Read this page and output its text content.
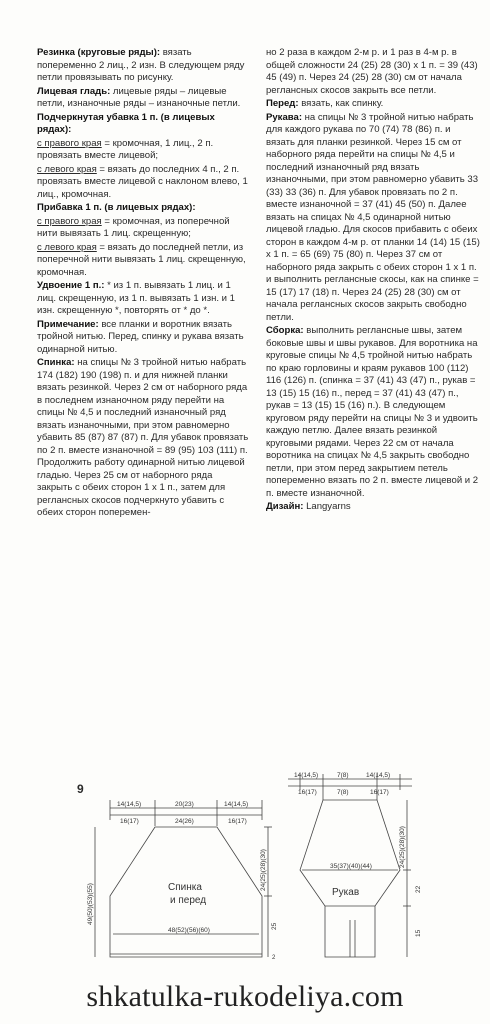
Резинка (круговые ряды): вязать попеременно 2 лиц., 2 изн. В следующем ряду петли провязывать по рисунку.

Лицевая гладь: лицевые ряды – лицевые петли, изнаночные ряды – изнаночные петли.

Подчеркнутая убавка 1 п. (в лицевых рядах):

с правого края = кромочная, 1 лиц., 2 п. провязать вместе лицевой;

с левого края = вязать до последних 4 п., 2 п. провязать вместе лицевой с наклоном влево, 1 лиц., кромочная.

Прибавка 1 п. (в лицевых рядах):

с правого края = кромочная, из поперечной нити вывязать 1 лиц. скрещенную;

с левого края = вязать до последней петли, из поперечной нити вывязать 1 лиц. скрещенную, кромочная.

Удвоение 1 п.: * из 1 п. вывязать 1 лиц. и 1 лиц. скрещенную, из 1 п. вывязать 1 изн. и 1 изн. скрещенную *, повторять от * до *.

Примечание: все планки и воротник вязать тройной нитью. Перед, спинку и рукава вязать одинарной нитью.

Спинка: на спицы № 3 тройной нитью набрать 174 (182) 190 (198) п. и для нижней планки вязать резинкой. Через 2 см от наборного ряда в последнем изнаночном ряду перейти на спицы № 4,5 и последний изнаночный ряд вязать изнаночными, при этом равномерно убавить 85 (87) 87 (87) п. Для убавок провязать по 2 п. вместе изнаночной = 89 (95) 103 (111) п. Продолжить работу одинарной нитью лицевой гладью. Через 25 см от наборного ряда закрыть с обеих сторон 1 х 1 п., затем для реглансных скосов подчеркнуто убавить с обеих сторон поперемен-

но 2 раза в каждом 2-м р. и 1 раз в 4-м р. в общей сложности 24 (25) 28 (30) х 1 п. = 39 (43) 45 (49) п. Через 24 (25) 28 (30) см от начала реглансных скосов закрыть все петли.

Перед: вязать, как спинку.

Рукава: на спицы № 3 тройной нитью набрать для каждого рукава по 70 (74) 78 (86) п. и вязать для планки резинкой. Через 15 см от наборного ряда перейти на спицы № 4,5 и последний изнаночный ряд вязать изнаночными, при этом равномерно убавить 33 (33) 33 (36) п. Для убавок провязать по 2 п. вместе изнаночной = 37 (41) 45 (50) п. Далее вязать на спицах № 4,5 одинарной нитью лицевой гладью. Для скосов прибавить с обеих сторон в каждом 4-м р. от планки 14 (14) 15 (15) х 1 п. = 65 (69) 75 (80) п. Через 37 см от наборного ряда закрыть с обеих сторон 1 х 1 п. и выполнить реглансные скосы, как на спинке = 15 (17) 17 (18) п. Через 24 (25) 28 (30) см от начала реглансных скосов закрыть свободно петли.

Сборка: выполнить реглансные швы, затем боковые швы и швы рукавов. Для воротника на круговые спицы № 4,5 тройной нитью набрать по краю горловины и краям рукавов 100 (112) 116 (126) п. (спинка = 37 (41) 43 (47) п., рукав = 13 (15) 15 (16) п., перед = 37 (41) 43 (47) п., рукав = 13 (15) 15 (16) п.). В следующем круговом ряду перейти на спицы № 3 и удвоить каждую петлю. Далее вязать резинкой круговыми рядами. Через 22 см от начала воротника на спицах № 4,5 закрыть свободно петли, при этом перед закрытием петель попеременно вязать по 2 п. вместе лицевой и 2 п. вместе изнаночной.

Дизайн: Langyarns

9
14(14,5)
16(17)
20(23)
24(26)
14(14,5)
16(17)
49(50)(53)(55)
24(25)(28)(30)
25
2
48(52)(56)(60)
Спинка
и перед
14(14,5)
16(17)
7(8)
7(8)
14(14,5)
16(17)
24(25)(28)(30)
22
15
35(37)(40)(44)
Рукав
shkatulka-rukodeliya.com
